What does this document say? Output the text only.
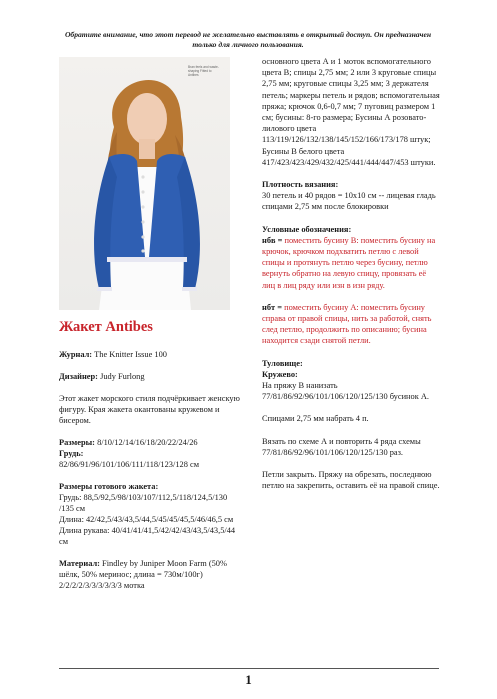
Обратите внимание, что этот перевод не желательно выставлять в открытый доступ. Он предназначен только для личного пользования.
Bran feels and waste-shaping Fitted to Antibes
Жакет Antibes

Журнал: The Knitter Issue 100

Дизайнер: Judy Furlong

Этот жакет морского стиля подчёркивает женскую фигуру. Края жакета окантованы кружевом и бисером.

Размеры: 8/10/12/14/16/18/20/22/24/26
Грудь:
82/86/91/96/101/106/111/118/123/128 см

Размеры готового жакета:
Грудь: 88,5/92,5/98/103/107/112,5/118/124,5/130 /135 см
Длина: 42/42,5/43/43,5/44,5/45/45/45,5/46/46,5 см
Длина рукава: 40/41/41/41,5/42/42/43/43,5/43,5/44 см

Материал: Findley by Juniper Moon Farm (50% шёлк, 50% меринос; длина = 730м/100г) 2/2/2/2/3/3/3/3/3/3 мотка

основного цвета А и 1 моток вспомогательного цвета В; спицы 2,75 мм; 2 или 3 круговые спицы 2,75 мм; круговые спицы 3,25 мм; 3 держателя петель; маркеры петель и рядов; вспомогательная пряжа; крючок 0,6-0,7 мм; 7 пуговиц размером 1 см; бусины: 8-го размера; Бусины А розовато-лилового цвета 113/119/126/132/138/145/152/166/173/178 штук; Бусины В белого цвета 417/423/423/429/432/425/441/444/447/453 штуки.

Плотность вязания:
30 петель и 40 рядов = 10х10 см -- лицевая гладь спицами 2,75 мм после блокировки

Условные обозначения:
нбв = поместить бусину В: поместить бусину на крючок, крючком подхватить петлю с левой спицы и протянуть петлю через бусину, петлю вернуть обратно на левую спицу, провязать её лиц в лиц ряду или изн в изн ряду.

нбт = поместить бусину А: поместить бусину справа от правой спицы, нить за работой, снять след петлю, продолжить по описанию; бусина находится сзади снятой петли.

Туловище:
Кружево:
На пряжу В нанизать 77/81/86/92/96/101/106/120/125/130 бусинок А.

Спицами 2,75 мм набрать 4 п.

Вязать по схеме А и повторить 4 ряда схемы 77/81/86/92/96/101/106/120/125/130 раз.

Петли закрыть. Пряжу на обрезать, последнюю петлю на закрепить, оставить её на правой спице.

1
